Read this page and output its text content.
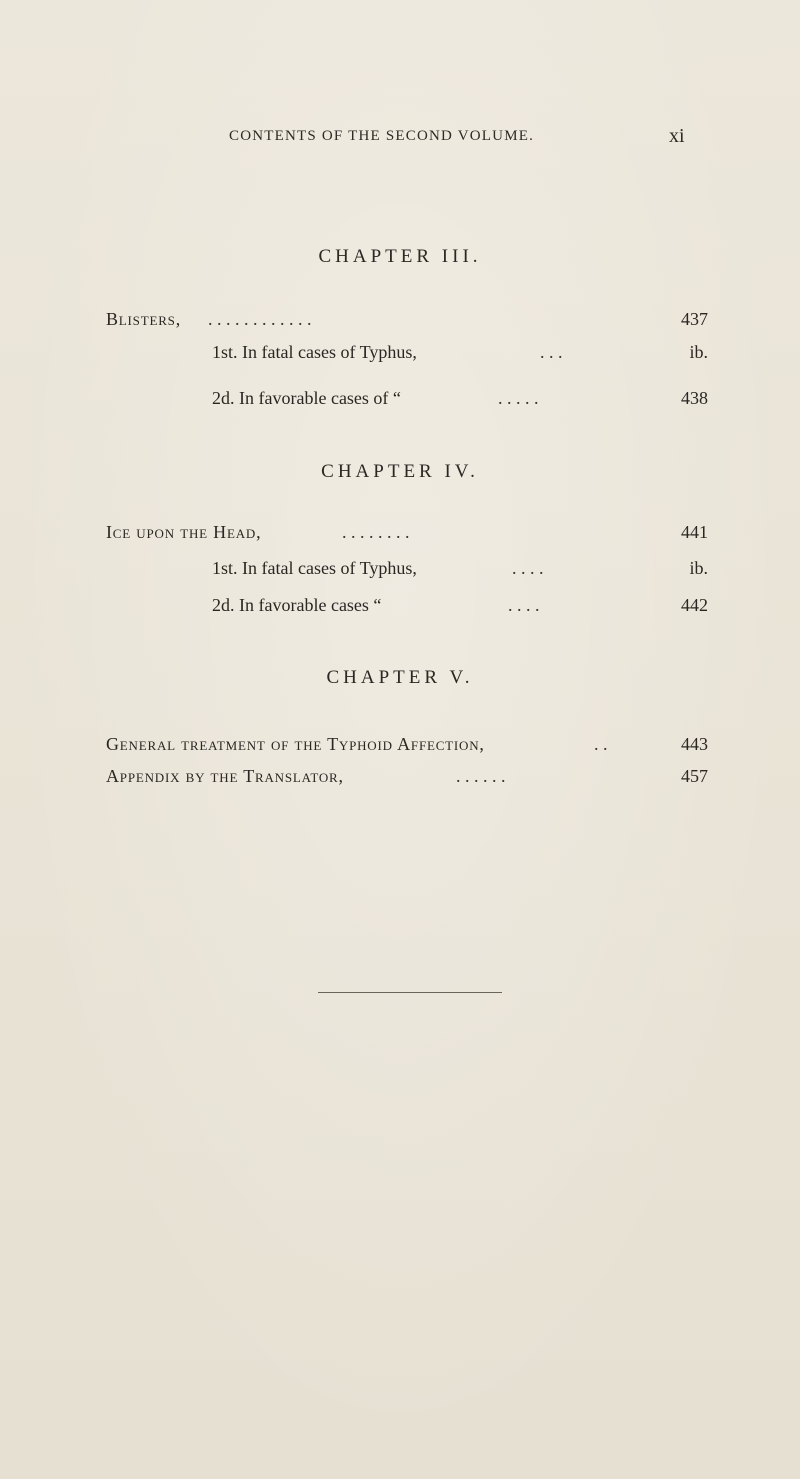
CONTENTS OF THE SECOND VOLUME.	xi
CHAPTER III.
Blisters, . . . . . . . . . . . .	437
1st. In fatal cases of Typhus,	. . .	ib.
2d. In favorable cases of “	. . . . .	438
CHAPTER IV.
Ice upon the Head,	. . . . . . . .	441
1st. In fatal cases of Typhus,	. . . .	ib.
2d. In favorable cases “	. . . .	442
CHAPTER V.
General treatment of the Typhoid Affection,	. .	443
Appendix by the Translator,	. . . . . .	457
